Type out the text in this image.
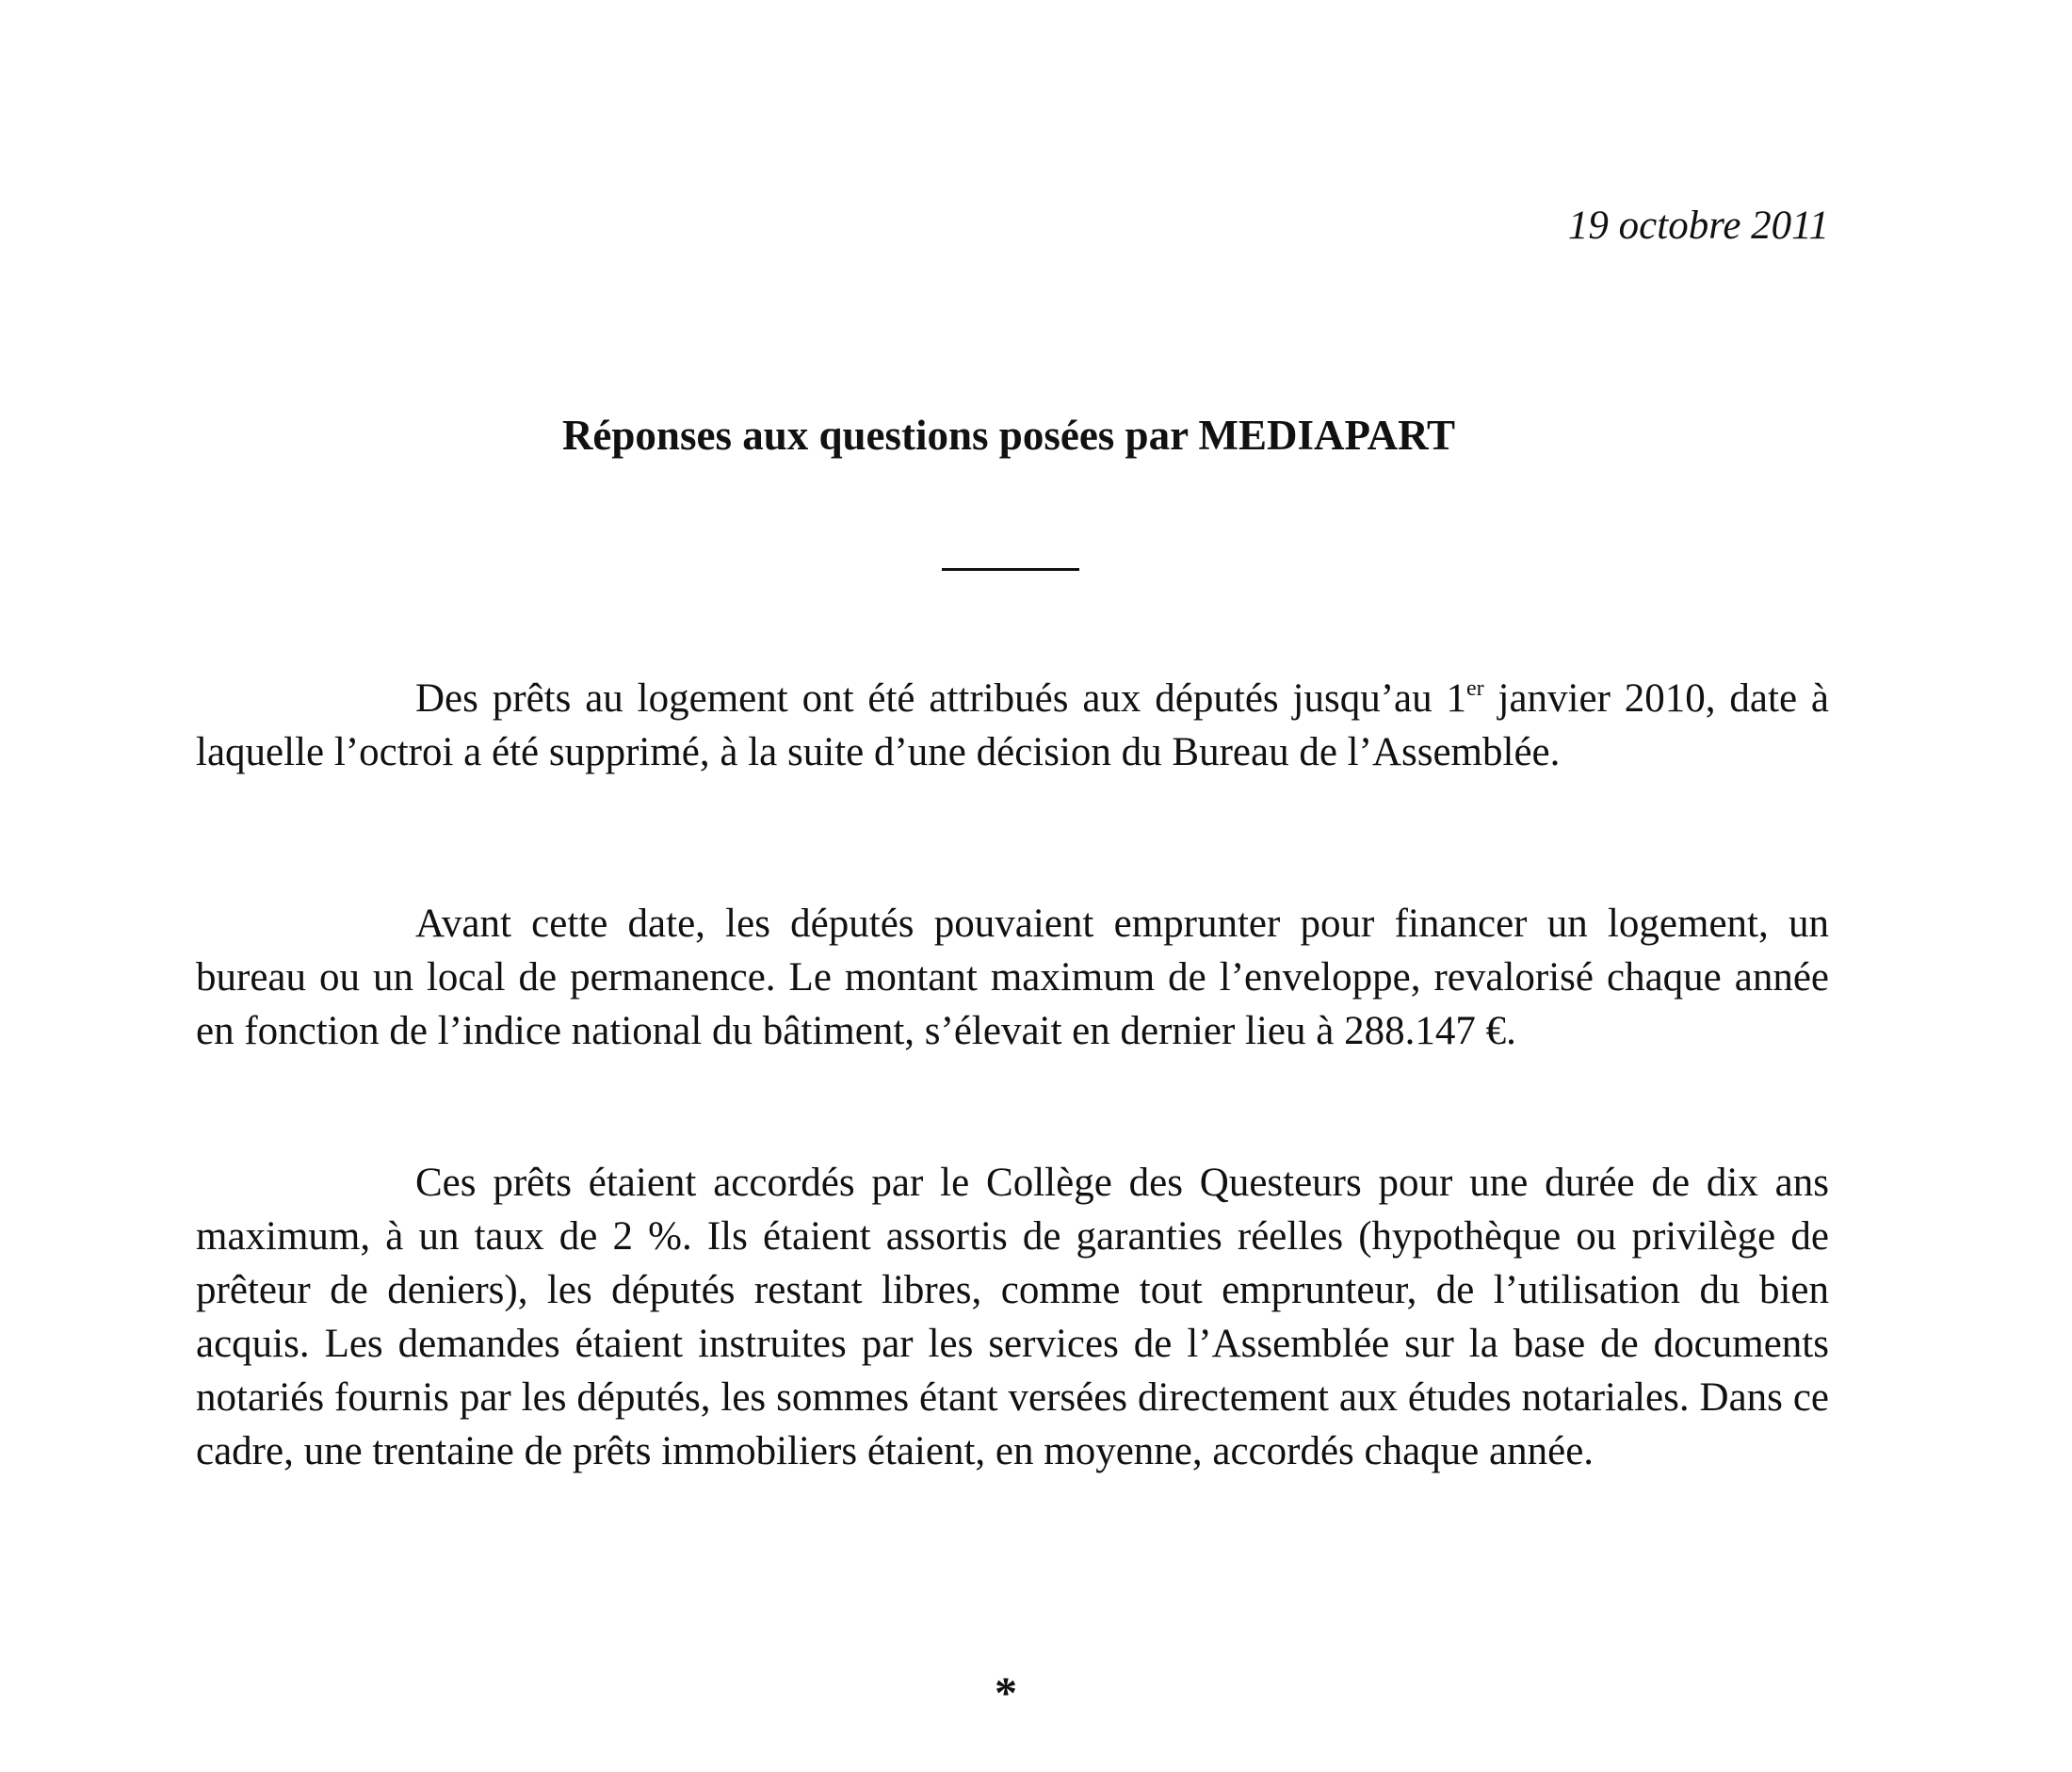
19 octobre 2011
Réponses aux questions posées par MEDIAPART

Des prêts au logement ont été attribués aux députés jusqu’au 1er janvier 2010, date à laquelle l’octroi a été supprimé, à la suite d’une décision du Bureau de l’Assemblée.

Avant cette date, les députés pouvaient emprunter pour financer un logement, un bureau ou un local de permanence. Le montant maximum de l’enveloppe, revalorisé chaque année en fonction de l’indice national du bâtiment, s’élevait en dernier lieu à 288.147 €.

Ces prêts étaient accordés par le Collège des Questeurs pour une durée de dix ans maximum, à un taux de 2 %. Ils étaient assortis de garanties réelles (hypothèque ou privilège de prêteur de deniers), les députés restant libres, comme tout emprunteur, de l’utilisation du bien acquis. Les demandes étaient instruites par les services de l’Assemblée sur la base de documents notariés fournis par les députés, les sommes étant versées directement aux études notariales. Dans ce cadre, une trentaine de prêts immobiliers étaient, en moyenne, accordés chaque année.

*
